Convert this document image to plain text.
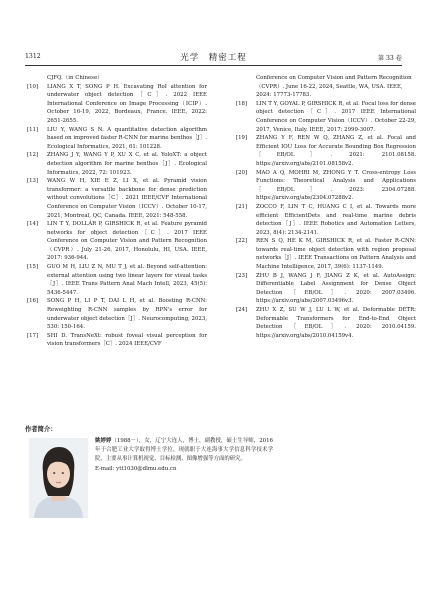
1312	光学　精密工程	第 33 卷
CJFQ.（in Chinese）
[10] LIANG X T, SONG P H. Excavating RoI attention for underwater object detection［C］. 2022 IEEE International Conference on Image Processing（ICIP）. October 16-19, 2022, Bordeaux, France. IEEE, 2022: 2651-2655.
[11] LIU Y, WANG S N. A quantitative detection algorithm based on improved faster R-CNN for marine benthos［J］. Ecological Informatics, 2021, 61: 101228.
[12] ZHANG J Y, WANG Y P, XU X C, et al. YoloXT: a object detection algorithm for marine benthos［J］. Ecological Informatics, 2022, 72: 101923.
[13] WANG W H, XIE E Z, LI X, et al. Pyramid vision transformer: a versatile backbone for dense prediction without convolutions［C］. 2021 IEEE/CVF International Conference on Computer Vision（ICCV）. October 10-17, 2021, Montreal, QC, Canada. IEEE, 2021: 548-558.
[14] LIN T Y, DOLLÁR P, GIRSHICK R, et al. Feature pyramid networks for object detection［C］. 2017 IEEE Conference on Computer Vision and Pattern Recognition（CVPR）. July 21-26, 2017, Honolulu, HI, USA. IEEE, 2017: 936-944.
[15] GUO M H, LIU Z N, MU T J, et al. Beyond self-attention: external attention using two linear layers for visual tasks［J］. IEEE Trans Pattern Anal Mach Intell, 2023, 45(5): 5436-5447.
[16] SONG P H, LI P T, DAI L H, et al. Boosting R-CNN: Reweighting R-CNN samples by RPN's error for underwater object detection［J］. Neurocomputing, 2023, 530: 150-164.
[17] SHI D. TransNeXt: robust foveal visual perception for vision transformers［C］. 2024 IEEE/CVF
Conference on Computer Vision and Pattern Recognition（CVPR）. June 16-22, 2024, Seattle, WA, USA. IEEE, 2024: 17773-17783.
[18] LIN T Y, GOYAL P, GIRSHICK R, et al. Focal loss for dense object detection［C］. 2017 IEEE International Conference on Computer Vision（ICCV）. October 22-29, 2017, Venice, Italy. IEEE, 2017: 2999-3007.
[19] ZHANG Y F, REN W Q, ZHANG Z, et al. Focal and Efficient IOU Loss for Accurate Bounding Box Regression［EB/OL］. 2021: 2101.08158. https://arxiv.org/abs/2101.08158v2.
[20] MAO A Q, MOHRI M, ZHONG Y T. Cross-entropy Loss Functions: Theoretical Analysis and Applications［EB/OL］. 2023: 2304.07288. https://arxiv.org/abs/2304.07288v2.
[21] ZOCCO F, LIN T C, HUANG C I, et al. Towards more efficient EfficientDets and real-time marine debris detection［J］. IEEE Robotics and Automation Letters, 2023, 8(4): 2134-2141.
[22] REN S Q, HE K M, GIRSHICK R, et al. Faster R-CNN: towards real-time object detection with region proposal networks［J］. IEEE Transactions on Pattern Analysis and Machine Intelligence, 2017, 39(6): 1137-1149.
[23] ZHU B J, WANG J F, JIANG Z K, et al. AutoAssign: Differentiable Label Assignment for Dense Object Detection［EB/OL］. 2020: 2007.03496. https://arxiv.org/abs/2007.03496v3.
[24] ZHU X Z, SU W J, LU L W, et al. Deformable DETR: Deformable Transformers for End-to-End Object Detection［EB/OL］. 2020: 2010.04159. https://arxiv.org/abs/2010.04159v4.
作者简介：
姚婷婷（1988－），女，辽宁大连人，博士，副教授，硕士生导师，2016年于合肥工业大学取得博士学位，现就职于大连海事大学信息科学技术学院，主要从事计算机视觉、目标检测、图像增强等方面的研究。
E-mail: ytt1030@dlmu.edu.cn
